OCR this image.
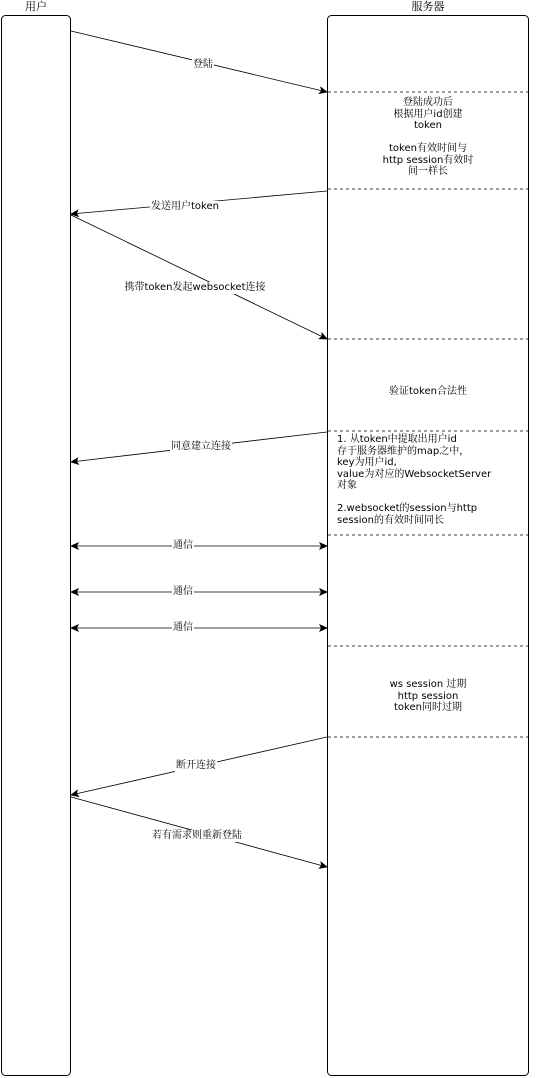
用户	服务器
登陆
发送用户token
携带token发起websocket连接
同意建立连接
通信
通信
通信
断开连接
若有需求则重新登陆
登陆成功后
根据用户id创建
token

token有效时间与
http session有效时
间一样长
验证token合法性
1. 从token中提取出用户id
存于服务器维护的map之中，
key为用户id,
value为对应的WebsocketServer
对象

2.websocket的session与http
session的有效时间同长
ws session 过期
http session
token同时过期
